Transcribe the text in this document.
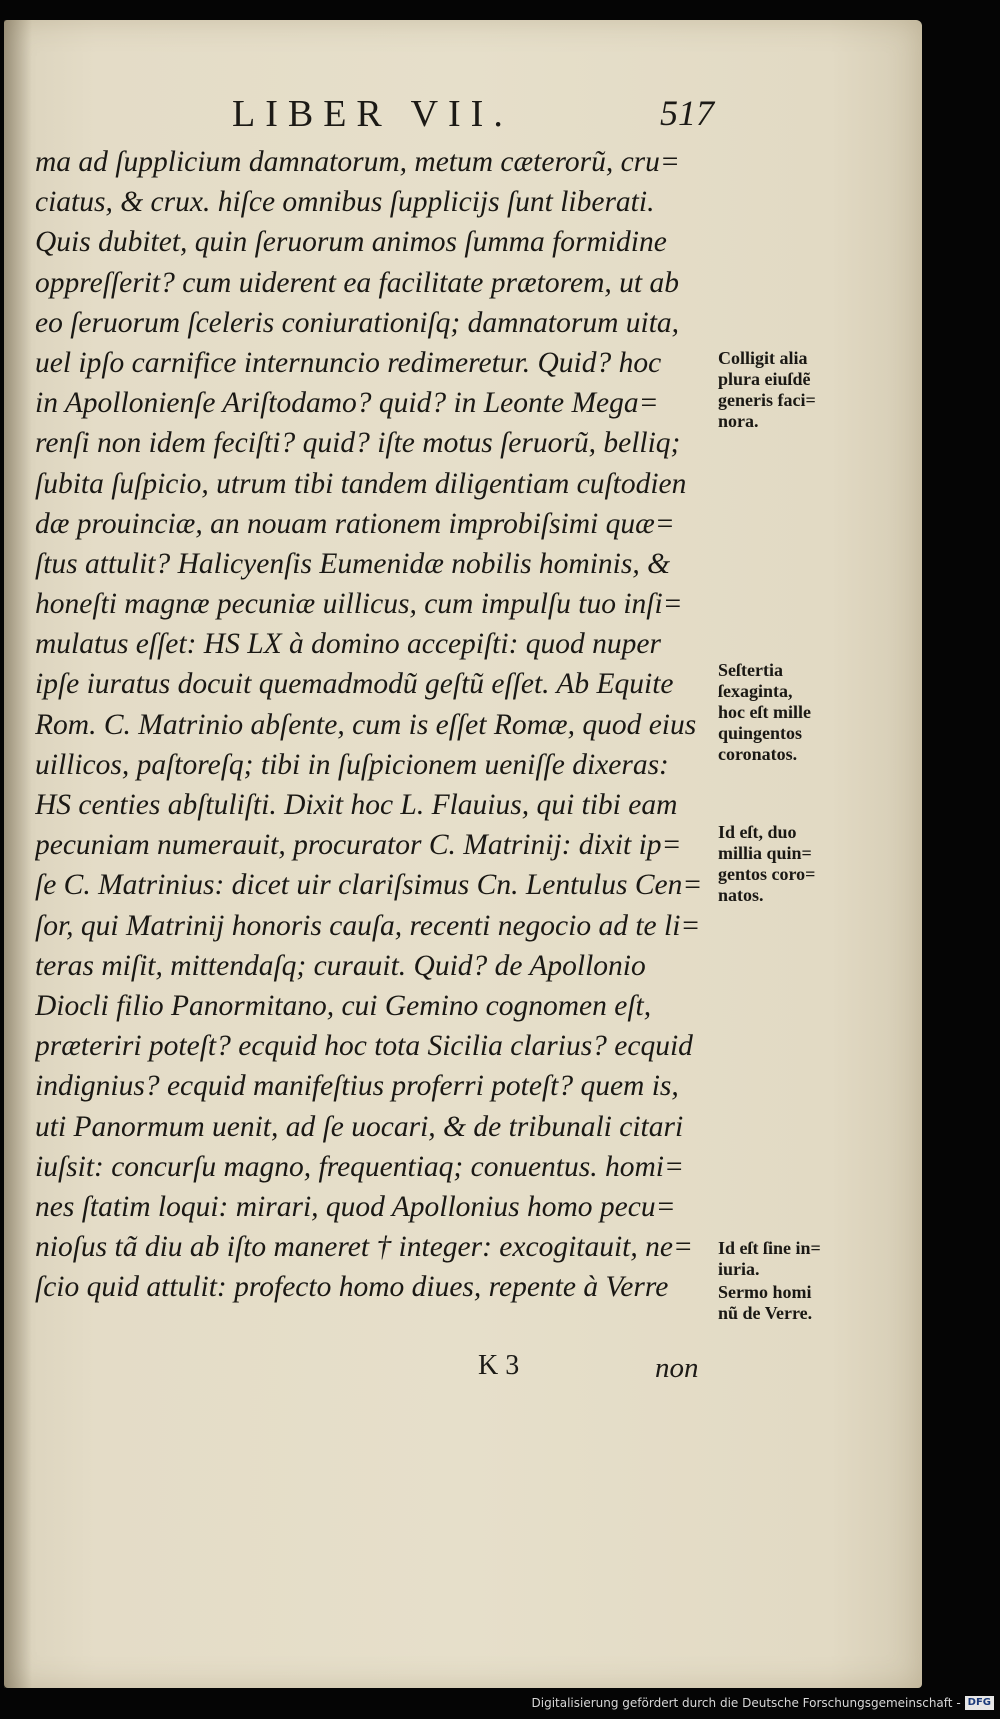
LIBER VII.	517
ma ad ſupplicium damnatorum, metum cæterorũ, cru=
ciatus, & crux. hiſce omnibus ſupplicijs ſunt liberati.
Quis dubitet, quin ſeruorum animos ſumma formidine
oppreſſerit? cum uiderent ea facilitate prætorem, ut ab
eo ſeruorum ſceleris coniurationiſq; damnatorum uita,
uel ipſo carnifice internuncio redimeretur. Quid? hoc
in Apollonienſe Ariſtodamo? quid? in Leonte Mega=
renſi non idem feciſti? quid? iſte motus ſeruorũ, belliq;
ſubita ſuſpicio, utrum tibi tandem diligentiam cuſtodien
dæ prouinciæ, an nouam rationem improbiſsimi quæ=
ſtus attulit? Halicyenſis Eumenidæ nobilis hominis, &
honeſti magnæ pecuniæ uillicus, cum impulſu tuo inſi=
mulatus eſſet: HS LX à domino accepiſti: quod nuper
ipſe iuratus docuit quemadmodũ geſtũ eſſet. Ab Equite
Rom. C. Matrinio abſente, cum is eſſet Romæ, quod eius
uillicos, paſtoreſq; tibi in ſuſpicionem ueniſſe dixeras:
HS centies abſtuliſti. Dixit hoc L. Flauius, qui tibi eam
pecuniam numerauit, procurator C. Matrinij: dixit ip=
ſe C. Matrinius: dicet uir clariſsimus Cn. Lentulus Cen=
ſor, qui Matrinij honoris cauſa, recenti negocio ad te li=
teras miſit, mittendaſq; curauit. Quid? de Apollonio
Diocli filio Panormitano, cui Gemino cognomen eſt,
præteriri poteſt? ecquid hoc tota Sicilia clarius? ecquid
indignius? ecquid manifeſtius proferri poteſt? quem is,
uti Panormum uenit, ad ſe uocari, & de tribunali citari
iuſsit: concurſu magno, frequentiaq; conuentus. homi=
nes ſtatim loqui: mirari, quod Apollonius homo pecu=
nioſus tã diu ab iſto maneret † integer: excogitauit, ne=
ſcio quid attulit: profecto homo diues, repente à Verre
Colligit alia
plura eiuſdẽ
generis faci=
nora.
Seſtertia
ſexaginta,
hoc eſt mille
quingentos
coronatos.
Id eſt, duo
millia quin=
gentos coro=
natos.
Id eſt ſine in=
iuria.
Sermo homi
nũ de Verre.
K 3	non
Digitalisierung gefördert durch die Deutsche Forschungsgemeinschaft - DFG
